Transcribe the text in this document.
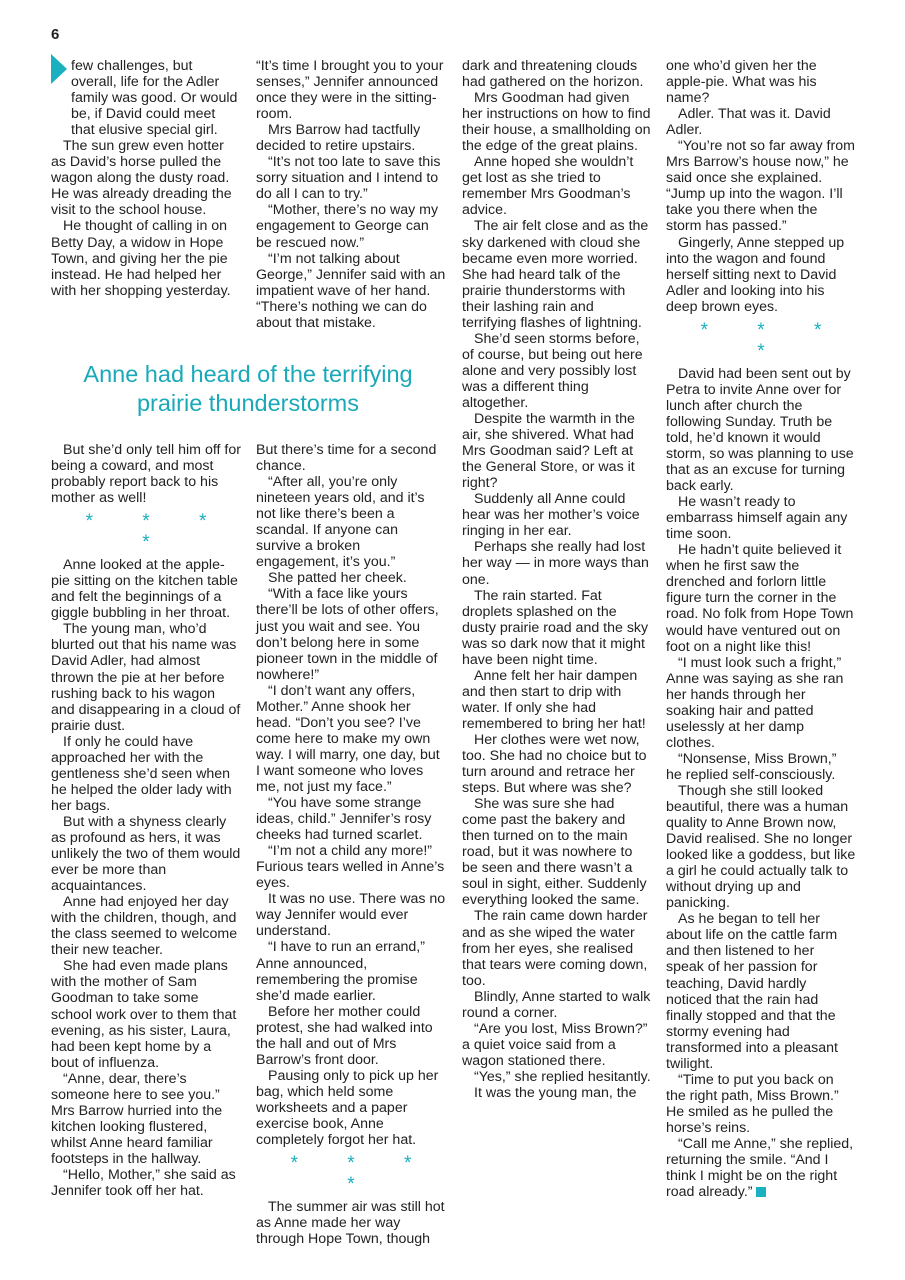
6

few challenges, but overall, life for the Adler family was good. Or would be, if David could meet that elusive special girl.

The sun grew even hotter as David’s horse pulled the wagon along the dusty road. He was already dreading the visit to the school house.

He thought of calling in on Betty Day, a widow in Hope Town, and giving her the pie instead. He had helped her with her shopping yesterday.

“It’s time I brought you to your senses,” Jennifer announced once they were in the sitting-room.

Mrs Barrow had tactfully decided to retire upstairs.

“It’s not too late to save this sorry situation and I intend to do all I can to try.”

“Mother, there’s no way my engagement to George can be rescued now.”

“I’m not talking about George,” Jennifer said with an impatient wave of her hand. “There’s nothing we can do about that mistake.

Anne had heard of the terrifying prairie thunderstorms

But she’d only tell him off for being a coward, and most probably report back to his mother as well!

* * * *

Anne looked at the apple-pie sitting on the kitchen table and felt the beginnings of a giggle bubbling in her throat.

The young man, who’d blurted out that his name was David Adler, had almost thrown the pie at her before rushing back to his wagon and disappearing in a cloud of prairie dust.

If only he could have approached her with the gentleness she’d seen when he helped the older lady with her bags.

But with a shyness clearly as profound as hers, it was unlikely the two of them would ever be more than acquaintances.

Anne had enjoyed her day with the children, though, and the class seemed to welcome their new teacher.

She had even made plans with the mother of Sam Goodman to take some school work over to them that evening, as his sister, Laura, had been kept home by a bout of influenza.

“Anne, dear, there’s someone here to see you.” Mrs Barrow hurried into the kitchen looking flustered, whilst Anne heard familiar footsteps in the hallway.

“Hello, Mother,” she said as Jennifer took off her hat.

But there’s time for a second chance.

“After all, you’re only nineteen years old, and it’s not like there’s been a scandal. If anyone can survive a broken engagement, it’s you.”

She patted her cheek.

“With a face like yours there’ll be lots of other offers, just you wait and see. You don’t belong here in some pioneer town in the middle of nowhere!”

“I don’t want any offers, Mother.” Anne shook her head. “Don’t you see? I’ve come here to make my own way. I will marry, one day, but I want someone who loves me, not just my face.”

“You have some strange ideas, child.” Jennifer’s rosy cheeks had turned scarlet.

“I’m not a child any more!” Furious tears welled in Anne’s eyes.

It was no use. There was no way Jennifer would ever understand.

“I have to run an errand,” Anne announced, remembering the promise she’d made earlier.

Before her mother could protest, she had walked into the hall and out of Mrs Barrow’s front door.

Pausing only to pick up her bag, which held some worksheets and a paper exercise book, Anne completely forgot her hat.

* * * *

The summer air was still hot as Anne made her way through Hope Town, though

dark and threatening clouds had gathered on the horizon.

Mrs Goodman had given her instructions on how to find their house, a smallholding on the edge of the great plains.

Anne hoped she wouldn’t get lost as she tried to remember Mrs Goodman’s advice.

The air felt close and as the sky darkened with cloud she became even more worried. She had heard talk of the prairie thunderstorms with their lashing rain and terrifying flashes of lightning.

She’d seen storms before, of course, but being out here alone and very possibly lost was a different thing altogether.

Despite the warmth in the air, she shivered. What had Mrs Goodman said? Left at the General Store, or was it right?

Suddenly all Anne could hear was her mother’s voice ringing in her ear.

Perhaps she really had lost her way — in more ways than one.

The rain started. Fat droplets splashed on the dusty prairie road and the sky was so dark now that it might have been night time.

Anne felt her hair dampen and then start to drip with water. If only she had remembered to bring her hat!

Her clothes were wet now, too. She had no choice but to turn around and retrace her steps. But where was she?

She was sure she had come past the bakery and then turned on to the main road, but it was nowhere to be seen and there wasn’t a soul in sight, either. Suddenly everything looked the same.

The rain came down harder and as she wiped the water from her eyes, she realised that tears were coming down, too.

Blindly, Anne started to walk round a corner.

“Are you lost, Miss Brown?” a quiet voice said from a wagon stationed there.

“Yes,” she replied hesitantly.

It was the young man, the

one who’d given her the apple-pie. What was his name?

Adler. That was it. David Adler.

“You’re not so far away from Mrs Barrow’s house now,” he said once she explained. “Jump up into the wagon. I’ll take you there when the storm has passed.”

Gingerly, Anne stepped up into the wagon and found herself sitting next to David Adler and looking into his deep brown eyes.

* * * *

David had been sent out by Petra to invite Anne over for lunch after church the following Sunday. Truth be told, he’d known it would storm, so was planning to use that as an excuse for turning back early.

He wasn’t ready to embarrass himself again any time soon.

He hadn’t quite believed it when he first saw the drenched and forlorn little figure turn the corner in the road. No folk from Hope Town would have ventured out on foot on a night like this!

“I must look such a fright,” Anne was saying as she ran her hands through her soaking hair and patted uselessly at her damp clothes.

“Nonsense, Miss Brown,” he replied self-consciously.

Though she still looked beautiful, there was a human quality to Anne Brown now, David realised. She no longer looked like a goddess, but like a girl he could actually talk to without drying up and panicking.

As he began to tell her about life on the cattle farm and then listened to her speak of her passion for teaching, David hardly noticed that the rain had finally stopped and that the stormy evening had transformed into a pleasant twilight.

“Time to put you back on the right path, Miss Brown.” He smiled as he pulled the horse’s reins.

“Call me Anne,” she replied, returning the smile. “And I think I might be on the right road already.”
